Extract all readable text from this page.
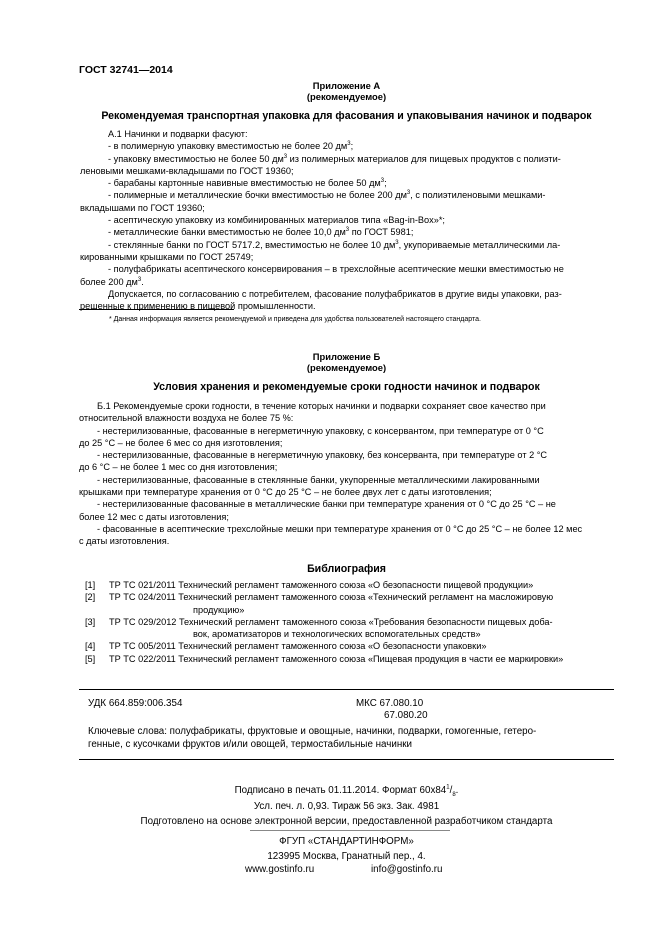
ГОСТ 32741—2014
Приложение А
(рекомендуемое)
Рекомендуемая транспортная упаковка для фасования и упаковывания начинок и подварок

А.1 Начинки и подварки фасуют:

- в полимерную упаковку вместимостью не более 20 $дм^3$;

- упаковку вместимостью не более 50 $дм^3$ из полимерных материалов для пищевых продуктов с полиэти-

леновыми мешками-вкладышами по ГОСТ 19360;

- барабаны картонные навивные вместимостью не более 50 $дм^3$;

- полимерные и металлические бочки вместимостью не более 200 $дм^3$, с полиэтиленовыми мешками-

вкладышами по ГОСТ 19360;

- асептическую упаковку из комбинированных материалов типа «Bag-in-Box»*;

- металлические банки вместимостью не более 10,0 $дм^3$ по ГОСТ 5981;

- стеклянные банки по ГОСТ 5717.2, вместимостью не более 10 $дм^3$, укупориваемые металлическими ла-

кированными крышками по ГОСТ 25749;

- полуфабрикаты асептического консервирования – в трехслойные асептические мешки вместимостью не

более 200 $дм^3$.

Допускается, по согласованию с потребителем, фасование полуфабрикатов в другие виды упаковки, раз-

решенные к применению в пищевой промышленности.

* Данная информация является рекомендуемой и приведена для удобства пользователей настоящего стандарта.
Приложение Б
(рекомендуемое)
Условия хранения и рекомендуемые сроки годности начинок и подварок

Б.1 Рекомендуемые сроки годности, в течение которых начинки и подварки сохраняет свое качество при

относительной влажности воздуха не более 75 %:

- нестерилизованные, фасованные в негерметичную упаковку, с консервантом, при температуре от 0 °С

до 25 °С – не более 6 мес со дня изготовления;

- нестерилизованные, фасованные в негерметичную упаковку, без консерванта, при температуре от 2 °С

до 6 °С – не более 1 мес со дня изготовления;

- нестерилизованные, фасованные в стеклянные банки, укупоренные металлическими лакированными

крышками при температуре хранения от 0 °С до 25 °С – не более двух лет с даты изготовления;

- нестерилизованные фасованные в металлические банки при температуре хранения от 0 °С до 25 °С – не

более 12 мес с даты изготовления;

- фасованные в асептические трехслойные мешки при температуре хранения от 0 °С до 25 °С – не более 12 мес

с даты изготовления.

Библиография
[1]	ТР ТС 021/2011 Технический регламент таможенного союза «О безопасности пищевой продукции»
[2]	ТР ТС 024/2011 Технический регламент таможенного союза «Технический регламент на масложировую
продукцию»
[3]	ТР ТС 029/2012 Технический регламент таможенного союза «Требования безопасности пищевых доба-
вок, ароматизаторов и технологических вспомогательных средств»
[4]	ТР ТС 005/2011 Технический регламент таможенного союза «О безопасности упаковки»
[5]	ТР ТС 022/2011 Технический регламент таможенного союза «Пищевая продукция в части ее маркировки»
УДК 664.859:006.354	МКС 67.080.10
67.080.20
Ключевые слова: полуфабрикаты, фруктовые и овощные, начинки, подварки, гомогенные, гетеро-
генные, с кусочками фруктов и/или овощей, термостабильные начинки
Подписано в печать 01.11.2014. Формат $60x84^1/_8$.
Усл. печ. л. 0,93. Тираж 56 экз. Зак. 4981
Подготовлено на основе электронной версии, предоставленной разработчиком стандарта
ФГУП «СТАНДАРТИНФОРМ»
123995 Москва, Гранатный пер., 4.
www.gostinfo.ru	info@gostinfo.ru
